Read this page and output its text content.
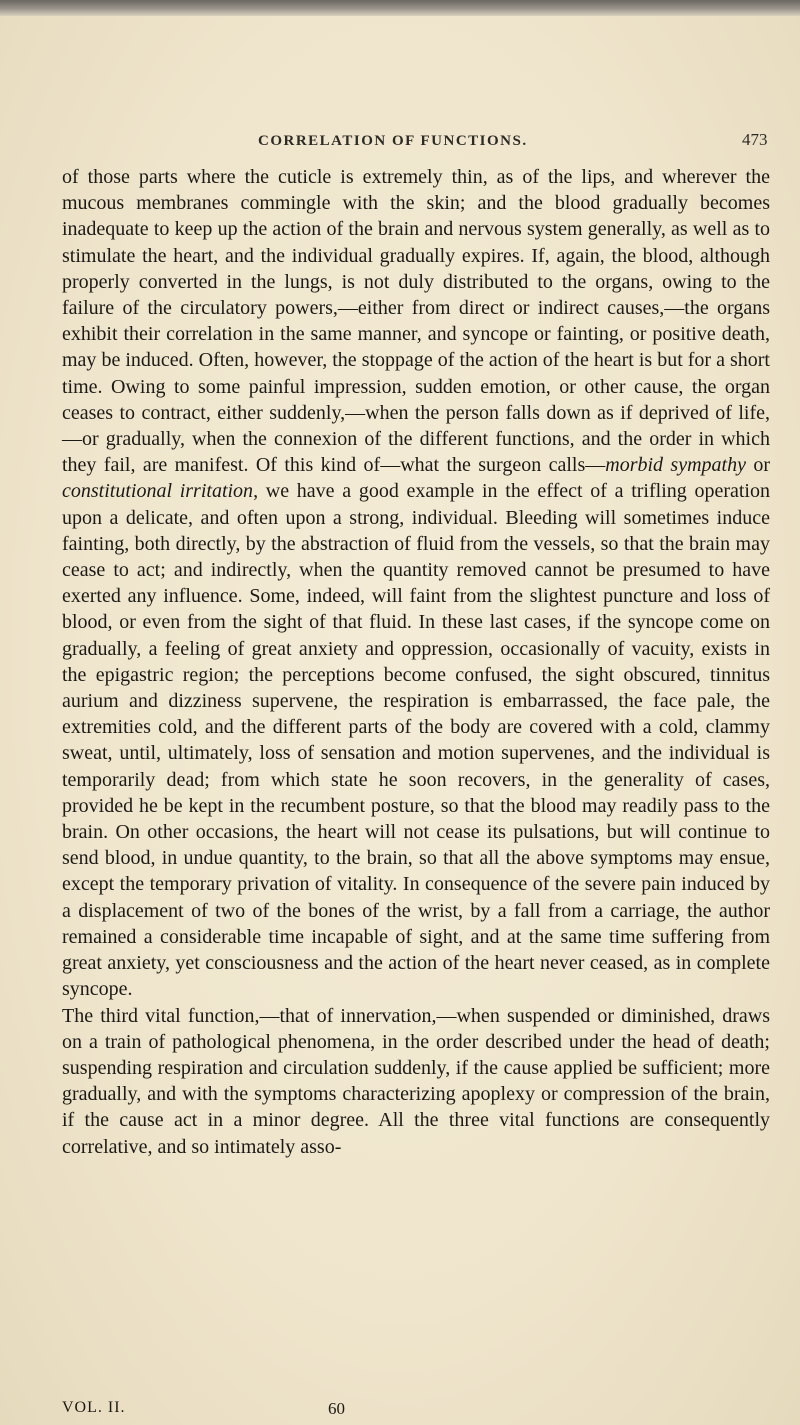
CORRELATION OF FUNCTIONS.	473

of those parts where the cuticle is extremely thin, as of the lips, and wherever the mucous membranes commingle with the skin; and the blood gradually becomes inadequate to keep up the action of the brain and nervous system generally, as well as to stimulate the heart, and the individual gradually expires. If, again, the blood, although properly converted in the lungs, is not duly distributed to the organs, owing to the failure of the circulatory powers,—either from direct or indirect causes,—the organs exhibit their correlation in the same manner, and syncope or fainting, or positive death, may be induced. Often, however, the stoppage of the action of the heart is but for a short time. Owing to some painful impression, sudden emotion, or other cause, the organ ceases to contract, either suddenly,—when the person falls down as if deprived of life, —or gradually, when the connexion of the different functions, and the order in which they fail, are manifest. Of this kind of—what the surgeon calls—morbid sympathy or constitutional irritation, we have a good example in the effect of a trifling operation upon a delicate, and often upon a strong, individual. Bleeding will sometimes induce fainting, both directly, by the abstraction of fluid from the vessels, so that the brain may cease to act; and indirectly, when the quantity removed cannot be presumed to have exerted any influence. Some, indeed, will faint from the slightest puncture and loss of blood, or even from the sight of that fluid. In these last cases, if the syncope come on gradually, a feeling of great anxiety and oppression, occasionally of vacuity, exists in the epigastric region; the perceptions become confused, the sight obscured, tinnitus aurium and dizziness supervene, the respiration is embarrassed, the face pale, the extremities cold, and the different parts of the body are covered with a cold, clammy sweat, until, ultimately, loss of sensation and motion supervenes, and the individual is temporarily dead; from which state he soon recovers, in the generality of cases, provided he be kept in the recumbent posture, so that the blood may readily pass to the brain. On other occasions, the heart will not cease its pulsations, but will continue to send blood, in undue quantity, to the brain, so that all the above symptoms may ensue, except the temporary privation of vitality. In consequence of the severe pain induced by a displacement of two of the bones of the wrist, by a fall from a carriage, the author remained a considerable time incapable of sight, and at the same time suffering from great anxiety, yet consciousness and the action of the heart never ceased, as in complete syncope.

The third vital function,—that of innervation,—when suspended or diminished, draws on a train of pathological phenomena, in the order described under the head of death; suspending respiration and circulation suddenly, if the cause applied be sufficient; more gradually, and with the symptoms characterizing apoplexy or compression of the brain, if the cause act in a minor degree. All the three vital functions are consequently correlative, and so intimately asso-

VOL. II.	60
